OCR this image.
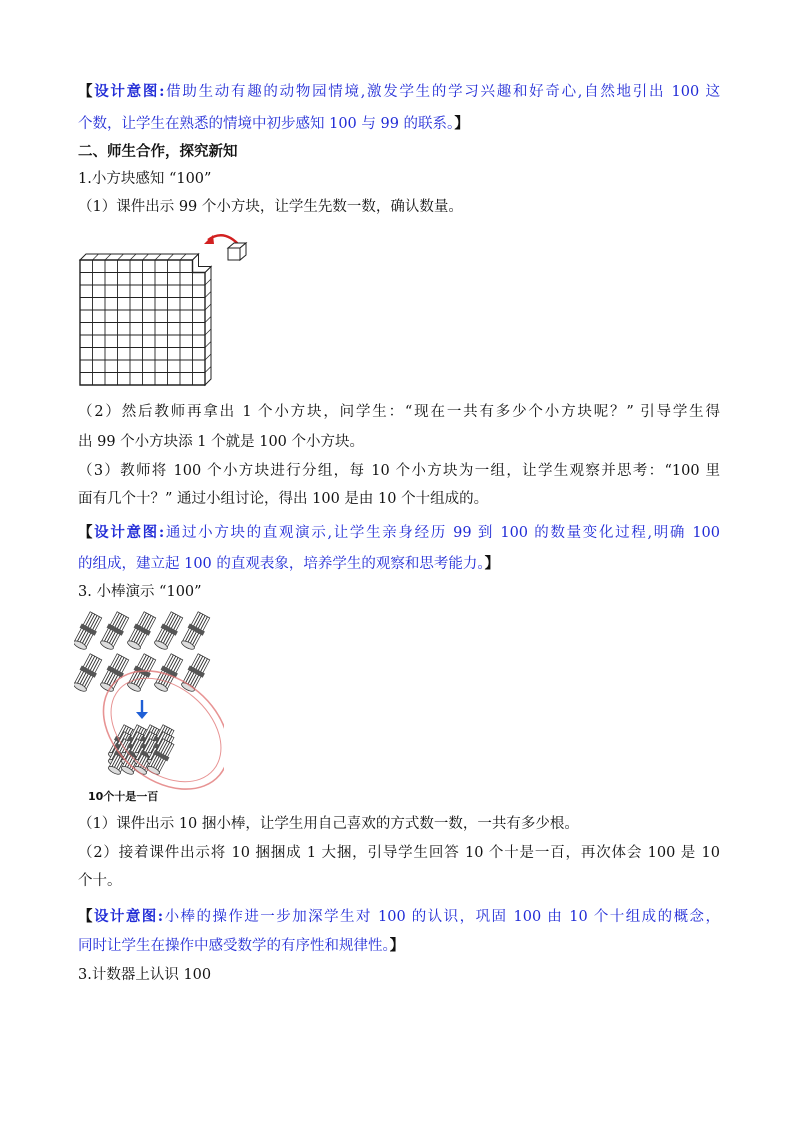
【设计意图:借助生动有趣的动物园情境,激发学生的学习兴趣和好奇心,自然地引出 100 这
个数，让学生在熟悉的情境中初步感知 100 与 99 的联系。】
二、师生合作，探究新知
1.小方块感知 “100”
（1）课件出示 99 个小方块，让学生先数一数，确认数量。
（2）然后教师再拿出 1 个小方块，问学生：“现在一共有多少个小方块呢？” 引导学生得
出 99 个小方块添 1 个就是 100 个小方块。
（3）教师将 100 个小方块进行分组，每 10 个小方块为一组，让学生观察并思考：“100 里
面有几个十？” 通过小组讨论，得出 100 是由 10 个十组成的。
【设计意图:通过小方块的直观演示,让学生亲身经历 99 到 100 的数量变化过程,明确 100
的组成，建立起 100 的直观表象，培养学生的观察和思考能力。】
3. 小棒演示 “100”
10个十是一百
（1）课件出示 10 捆小棒，让学生用自己喜欢的方式数一数，一共有多少根。
（2）接着课件出示将 10 捆捆成 1 大捆，引导学生回答 10 个十是一百，再次体会 100 是 10
个十。
【设计意图:小棒的操作进一步加深学生对 100 的认识，巩固 100 由 10 个十组成的概念，
同时让学生在操作中感受数学的有序性和规律性。】
3.计数器上认识 100
